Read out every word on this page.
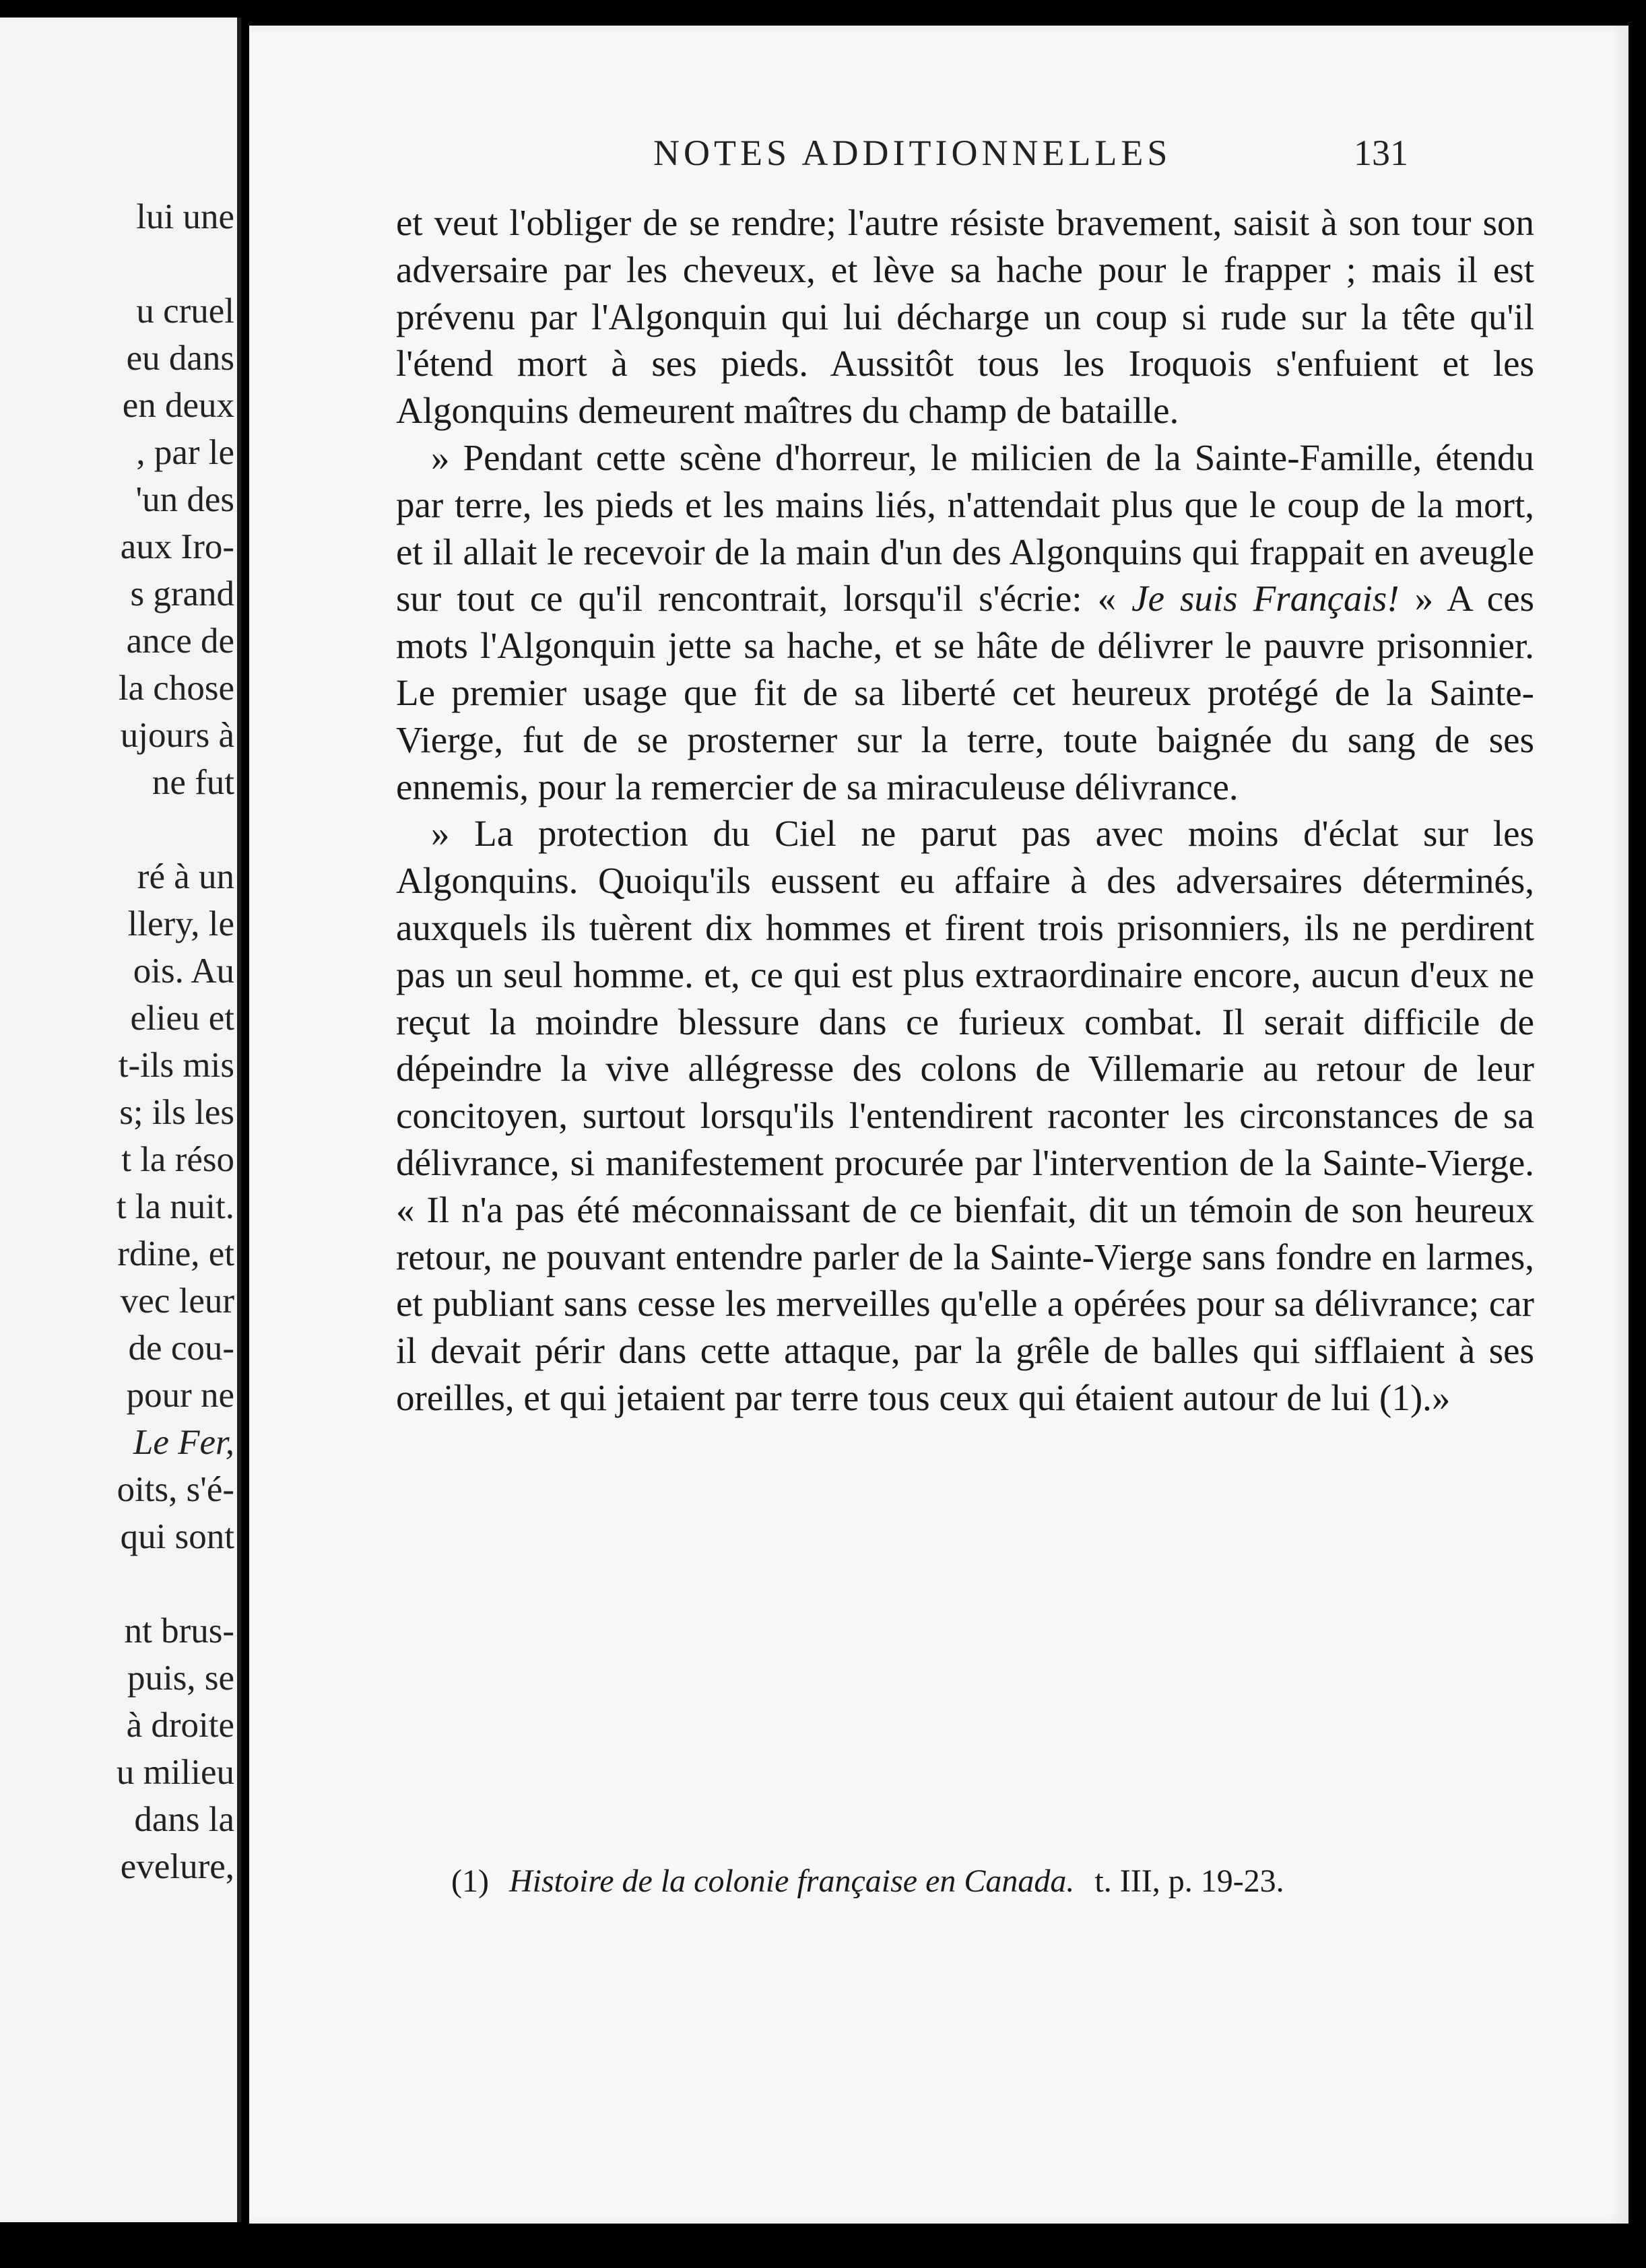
lui une
u cruel
eu dans
en deux
, par le
'un des
aux Iro-
s grand
ance de
la chose
ujours à
ne fut
ré à un
llery, le
ois. Au
elieu et
t-ils mis
s; ils les
t la réso
t la nuit.
rdine, et
vec leur
de cou-
pour ne
Le Fer,
oits, s'é-
qui sont
nt brus-
puis, se
à droite
u milieu
dans la
evelure,
NOTES ADDITIONNELLES	131

et veut l'obliger de se rendre; l'autre résiste bravement, saisit à son tour son adversaire par les cheveux, et lève sa hache pour le frapper ; mais il est prévenu par l'Algonquin qui lui décharge un coup si rude sur la tête qu'il l'étend mort à ses pieds. Aussitôt tous les Iroquois s'enfuient et les Algonquins demeurent maîtres du champ de bataille.

» Pendant cette scène d'horreur, le milicien de la Sainte-Famille, étendu par terre, les pieds et les mains liés, n'attendait plus que le coup de la mort, et il allait le recevoir de la main d'un des Algonquins qui frappait en aveugle sur tout ce qu'il rencontrait, lorsqu'il s'écrie: « Je suis Français! » A ces mots l'Algonquin jette sa hache, et se hâte de délivrer le pauvre prisonnier. Le premier usage que fit de sa liberté cet heureux protégé de la Sainte-Vierge, fut de se prosterner sur la terre, toute baignée du sang de ses ennemis, pour la remercier de sa miraculeuse délivrance.

» La protection du Ciel ne parut pas avec moins d'éclat sur les Algonquins. Quoiqu'ils eussent eu affaire à des adversaires déterminés, auxquels ils tuèrent dix hommes et firent trois prisonniers, ils ne perdirent pas un seul homme. et, ce qui est plus extraordinaire encore, aucun d'eux ne reçut la moindre blessure dans ce furieux combat. Il serait difficile de dépeindre la vive allégresse des colons de Villemarie au retour de leur concitoyen, surtout lorsqu'ils l'entendirent raconter les circonstances de sa délivrance, si manifestement procurée par l'intervention de la Sainte-Vierge. « Il n'a pas été méconnaissant de ce bienfait, dit un témoin de son heureux retour, ne pouvant entendre parler de la Sainte-Vierge sans fondre en larmes, et publiant sans cesse les merveilles qu'elle a opérées pour sa délivrance; car il devait périr dans cette attaque, par la grêle de balles qui sifflaient à ses oreilles, et qui jetaient par terre tous ceux qui étaient autour de lui (1).»

(1) Histoire de la colonie française en Canada. t. III, p. 19-23.
